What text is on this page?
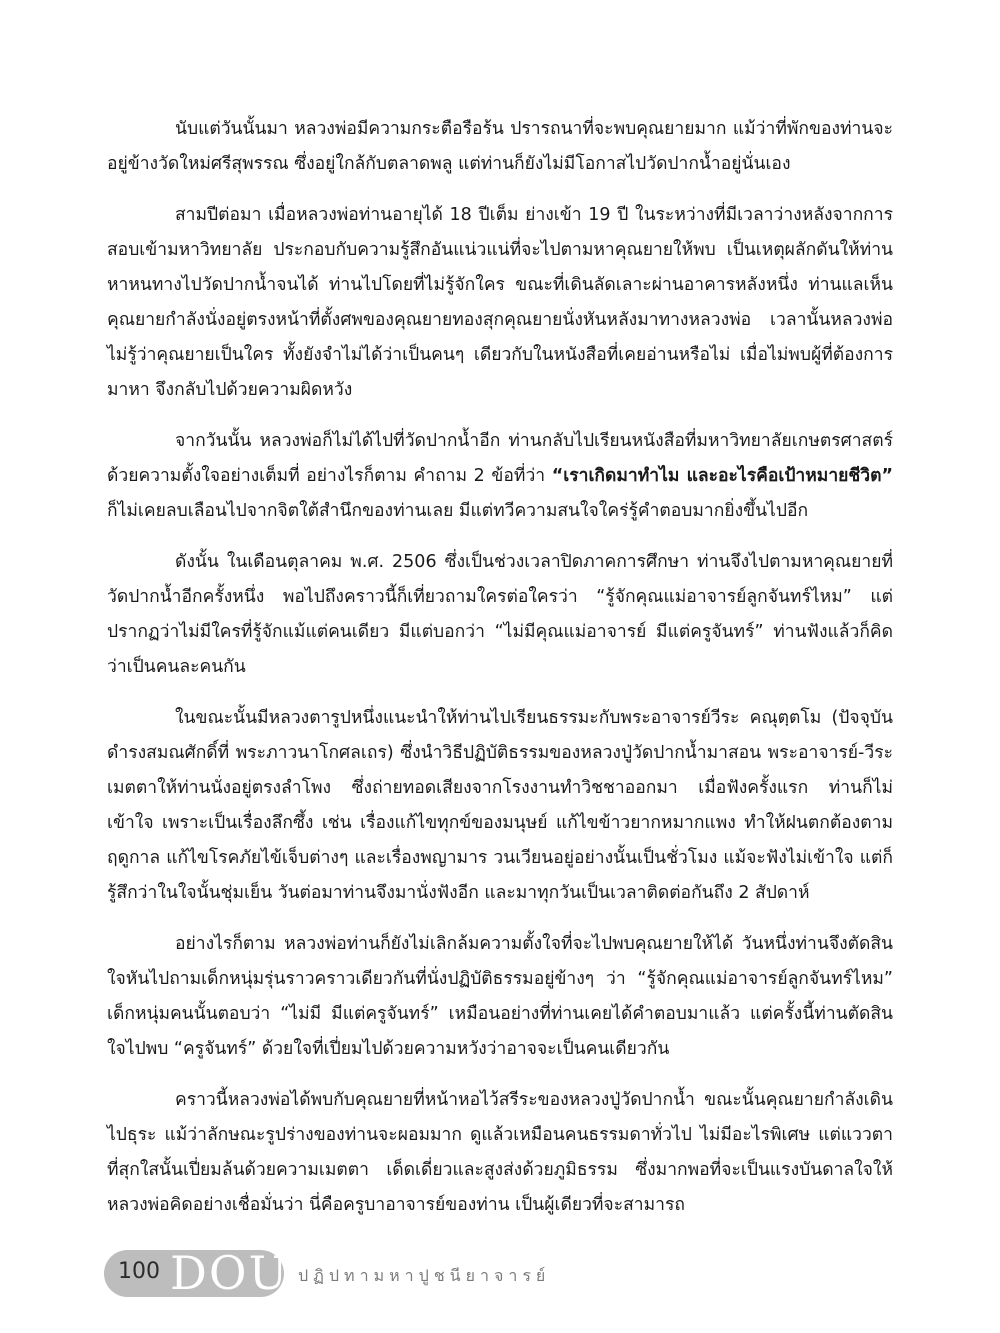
นับแต่วันนั้นมา หลวงพ่อมีความกระตือรือร้น ปรารถนาที่จะพบคุณยายมาก แม้ว่าที่พักของท่านจะอยู่ข้างวัดใหม่ศรีสุพรรณ ซึ่งอยู่ใกล้กับตลาดพลู แต่ท่านก็ยังไม่มีโอกาสไปวัดปากน้ำอยู่นั่นเอง

สามปีต่อมา เมื่อหลวงพ่อท่านอายุได้ 18 ปีเต็ม ย่างเข้า 19 ปี ในระหว่างที่มีเวลาว่างหลังจากการสอบเข้ามหาวิทยาลัย ประกอบกับความรู้สึกอันแน่วแน่ที่จะไปตามหาคุณยายให้พบ เป็นเหตุผลักดันให้ท่านหาหนทางไปวัดปากน้ำจนได้ ท่านไปโดยที่ไม่รู้จักใคร ขณะที่เดินลัดเลาะผ่านอาคารหลังหนึ่ง ท่านแลเห็นคุณยายกำลังนั่งอยู่ตรงหน้าที่ตั้งศพของคุณยายทองสุกคุณยายนั่งหันหลังมาทางหลวงพ่อ เวลานั้นหลวงพ่อไม่รู้ว่าคุณยายเป็นใคร ทั้งยังจำไม่ได้ว่าเป็นคนๆ เดียวกับในหนังสือที่เคยอ่านหรือไม่ เมื่อไม่พบผู้ที่ต้องการมาหา จึงกลับไปด้วยความผิดหวัง

จากวันนั้น หลวงพ่อก็ไม่ได้ไปที่วัดปากน้ำอีก ท่านกลับไปเรียนหนังสือที่มหาวิทยาลัยเกษตรศาสตร์ ด้วยความตั้งใจอย่างเต็มที่ อย่างไรก็ตาม คำถาม 2 ข้อที่ว่า “เราเกิดมาทำไม และอะไรคือเป้าหมายชีวิต” ก็ไม่เคยลบเลือนไปจากจิตใต้สำนึกของท่านเลย มีแต่ทวีความสนใจใคร่รู้คำตอบมากยิ่งขึ้นไปอีก

ดังนั้น ในเดือนตุลาคม พ.ศ. 2506 ซึ่งเป็นช่วงเวลาปิดภาคการศึกษา ท่านจึงไปตามหาคุณยายที่วัดปากน้ำอีกครั้งหนึ่ง พอไปถึงคราวนี้ก็เที่ยวถามใครต่อใครว่า “รู้จักคุณแม่อาจารย์ลูกจันทร์ไหม” แต่ปรากฏว่าไม่มีใครที่รู้จักแม้แต่คนเดียว มีแต่บอกว่า “ไม่มีคุณแม่อาจารย์ มีแต่ครูจันทร์” ท่านฟังแล้วก็คิดว่าเป็นคนละคนกัน

ในขณะนั้นมีหลวงตารูปหนึ่งแนะนำให้ท่านไปเรียนธรรมะกับพระอาจารย์วีระ คณุตฺตโม (ปัจจุบันดำรงสมณศักดิ์ที่ พระภาวนาโกศลเถร) ซึ่งนำวิธีปฏิบัติธรรมของหลวงปู่วัดปากน้ำมาสอน พระอาจารย์-วีระเมตตาให้ท่านนั่งอยู่ตรงลำโพง ซึ่งถ่ายทอดเสียงจากโรงงานทำวิชชาออกมา เมื่อฟังครั้งแรก ท่านก็ไม่เข้าใจ เพราะเป็นเรื่องลึกซึ้ง เช่น เรื่องแก้ไขทุกข์ของมนุษย์ แก้ไขข้าวยากหมากแพง ทำให้ฝนตกต้องตามฤดูกาล แก้ไขโรคภัยไข้เจ็บต่างๆ และเรื่องพญามาร วนเวียนอยู่อย่างนั้นเป็นชั่วโมง แม้จะฟังไม่เข้าใจ แต่ก็รู้สึกว่าในใจนั้นชุ่มเย็น วันต่อมาท่านจึงมานั่งฟังอีก และมาทุกวันเป็นเวลาติดต่อกันถึง 2 สัปดาห์

อย่างไรก็ตาม หลวงพ่อท่านก็ยังไม่เลิกล้มความตั้งใจที่จะไปพบคุณยายให้ได้ วันหนึ่งท่านจึงตัดสินใจหันไปถามเด็กหนุ่มรุ่นราวคราวเดียวกันที่นั่งปฏิบัติธรรมอยู่ข้างๆ ว่า “รู้จักคุณแม่อาจารย์ลูกจันทร์ไหม” เด็กหนุ่มคนนั้นตอบว่า “ไม่มี มีแต่ครูจันทร์” เหมือนอย่างที่ท่านเคยได้คำตอบมาแล้ว แต่ครั้งนี้ท่านตัดสินใจไปพบ “ครูจันทร์” ด้วยใจที่เปี่ยมไปด้วยความหวังว่าอาจจะเป็นคนเดียวกัน

คราวนี้หลวงพ่อได้พบกับคุณยายที่หน้าหอไว้สรีระของหลวงปู่วัดปากน้ำ ขณะนั้นคุณยายกำลังเดินไปธุระ แม้ว่าลักษณะรูปร่างของท่านจะผอมมาก ดูแล้วเหมือนคนธรรมดาทั่วไป ไม่มีอะไรพิเศษ แต่แววตาที่สุกใสนั้นเปี่ยมล้นด้วยความเมตตา เด็ดเดี่ยวและสูงส่งด้วยภูมิธรรม ซึ่งมากพอที่จะเป็นแรงบันดาลใจให้หลวงพ่อคิดอย่างเชื่อมั่นว่า นี่คือครูบาอาจารย์ของท่าน เป็นผู้เดียวที่จะสามารถ

100 DOU ปฏิปทามหาปูชนียาจารย์
